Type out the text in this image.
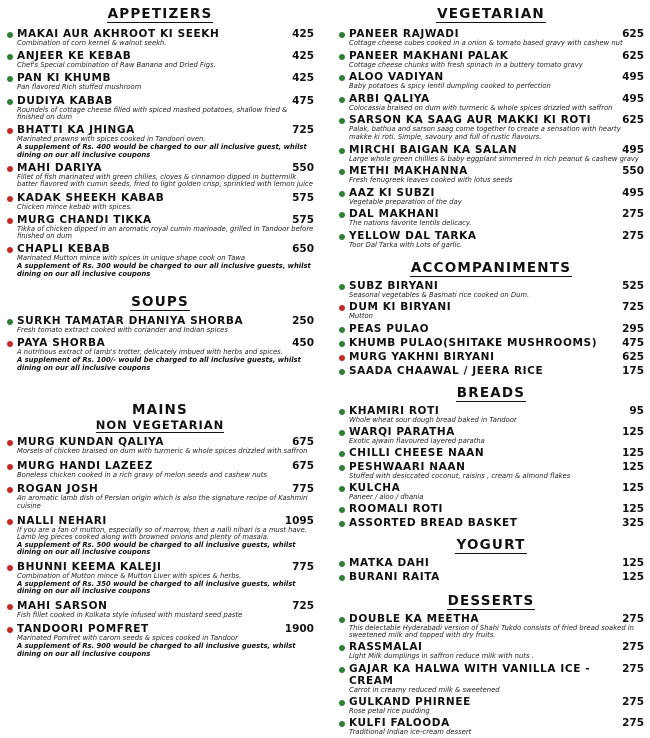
APPETIZERS
MAKAI AUR AKHROOT KI SEEKH	425
Combination of corn kernel & walnut seekh.
ANJEER KE KEBAB	425
Chef's Special combination of Raw Banana and Dried Figs.
PAN KI KHUMB	425
Pan flavored Rich stuffed mushroom
DUDIYA KABAB	475
Roundels of cottage cheese filled with spiced mashed potatoes, shallow fried & finished on dum
BHATTI KA JHINGA	725
Marinated prawns with spices cooked in Tandoori oven.
A supplement of Rs. 400 would be charged to our all inclusive guest, whilst dining on our all inclusive coupons
MAHI DARIYA	550
Fillet of fish marinated with green chilies, cloves & cinnamon dipped in buttermilk batter flavored with cumin seeds, fried to light golden crisp, sprinkled with lemon juice
KADAK SHEEKH KABAB	575
Chicken mince kebab with spices.
MURG CHANDI TIKKA	575
Tikka of chicken dipped in an aromatic royal cumin marinade, grilled in Tandoor before finished on dum
CHAPLI KEBAB	650
Marinated Mutton mince with spices in unique shape cook on Tawa
A supplement of Rs. 300 would be charged to our all inclusive guests, whilst dining on our all inclusive coupons
SOUPS
SURKH TAMATAR DHANIYA SHORBA	250
Fresh tomato extract cooked with coriander and Indian spices
PAYA SHORBA	450
A nutritious extract of lamb's trotter, delicately imbued with herbs and spices.
A supplement of Rs. 100/- would be charged to all inclusive guests, whilst dining on our all inclusive coupons
MAINS
NON VEGETARIAN
MURG KUNDAN QALIYA	675
Morsels of chicken braised on dum with turmeric & whole spices drizzled with saffron
MURG HANDI LAZEEZ	675
Boneless chicken cooked in a rich gravy of melon seeds and cashew nuts
ROGAN JOSH	775
An aromatic lamb dish of Persian origin which is also the signature recipe of Kashmiri cuisine
NALLI NEHARI	1095
If you are a fan of mutton, especially so of marrow, then a nalli nihari is a must have. Lamb leg pieces cooked along with browned onions and plenty of masala.
A supplement of Rs. 500 would be charged to all inclusive guests, whilst dining on our all inclusive coupons
BHUNNI KEEMA KALEJI	775
Combination of Mutton mince & Mutton Liver with spices & herbs.
A supplement of Rs. 350 would be charged to all inclusive guests, whilst dining on our all inclusive coupons
MAHI SARSON	725
Fish fillet cooked in Kolkata style infused with mustard seed paste
TANDOORI POMFRET	1900
Marinated Pomfret with carom seeds & spices cooked in Tandoor
A supplement of Rs. 900 would be charged to all inclusive guests, whilst dining on our all inclusive coupons
VEGETARIAN
PANEER RAJWADI	625
Cottage cheese cubes cooked in a onion & tomato based gravy with cashew nut
PANEER MAKHANI PALAK	625
Cottage cheese chunks with fresh spinach in a buttery tomato gravy
ALOO VADIYAN	495
Baby potatoes & spicy lentil dumpling cooked to perfection
ARBI QALIYA	495
Colocassia braised on dum with turmeric & whole spices drizzled with saffron
SARSON KA SAAG AUR MAKKI KI ROTI	625
Palak, bathua and sarson saag come together to create a sensation with hearty makke ki roti. Simple, savoury and full of rustic flavours.
MIRCHI BAIGAN KA SALAN	495
Large whole green chillies & baby eggplant simmered in rich peanut & cashew gravy
METHI MAKHANNA	550
Fresh fenugreek leaves cooked with lotus seeds
AAZ KI SUBZI	495
Vegetable preparation of the day
DAL MAKHANI	275
The nations favorite lentils delicacy.
YELLOW DAL TARKA	275
Toor Dal Tarka with Lots of garlic.
ACCOMPANIMENTS
SUBZ BIRYANI	525
Seasonal vegetables & Basmati rice cooked on Dum.
DUM KI BIRYANI	725
Mutton
PEAS PULAO	295
KHUMB PULAO(SHITAKE MUSHROOMS)	475
MURG YAKHNI BIRYANI	625
SAADA CHAAWAL / JEERA RICE	175
BREADS
KHAMIRI ROTI	95
Whole wheat sour dough bread baked in Tandoor
WARQI PARATHA	125
Exotic ajwain flavoured layered paratha
CHILLI CHEESE NAAN	125
PESHWAARI NAAN	125
Stuffed with desiccated coconut, raisins , cream & almond flakes
KULCHA	125
Paneer / aloo / dhania
ROOMALI ROTI	125
ASSORTED BREAD BASKET	325
YOGURT
MATKA DAHI	125
BURANI RAITA	125
DESSERTS
DOUBLE KA MEETHA	275
This delectable Hyderabadi version of Shahi Tukdo consists of fried bread soaked in sweetened milk and topped with dry fruits.
RASSMALAI	275
Light Milk dumplings in saffron reduce milk with nuts .
GAJAR KA HALWA WITH VANILLA ICE -CREAM
275
Carrot in creamy reduced milk & sweetened
GULKAND PHIRNEE	275
Rose petal rice pudding
KULFI FALOODA	275
Traditional Indian ice-cream dessert
